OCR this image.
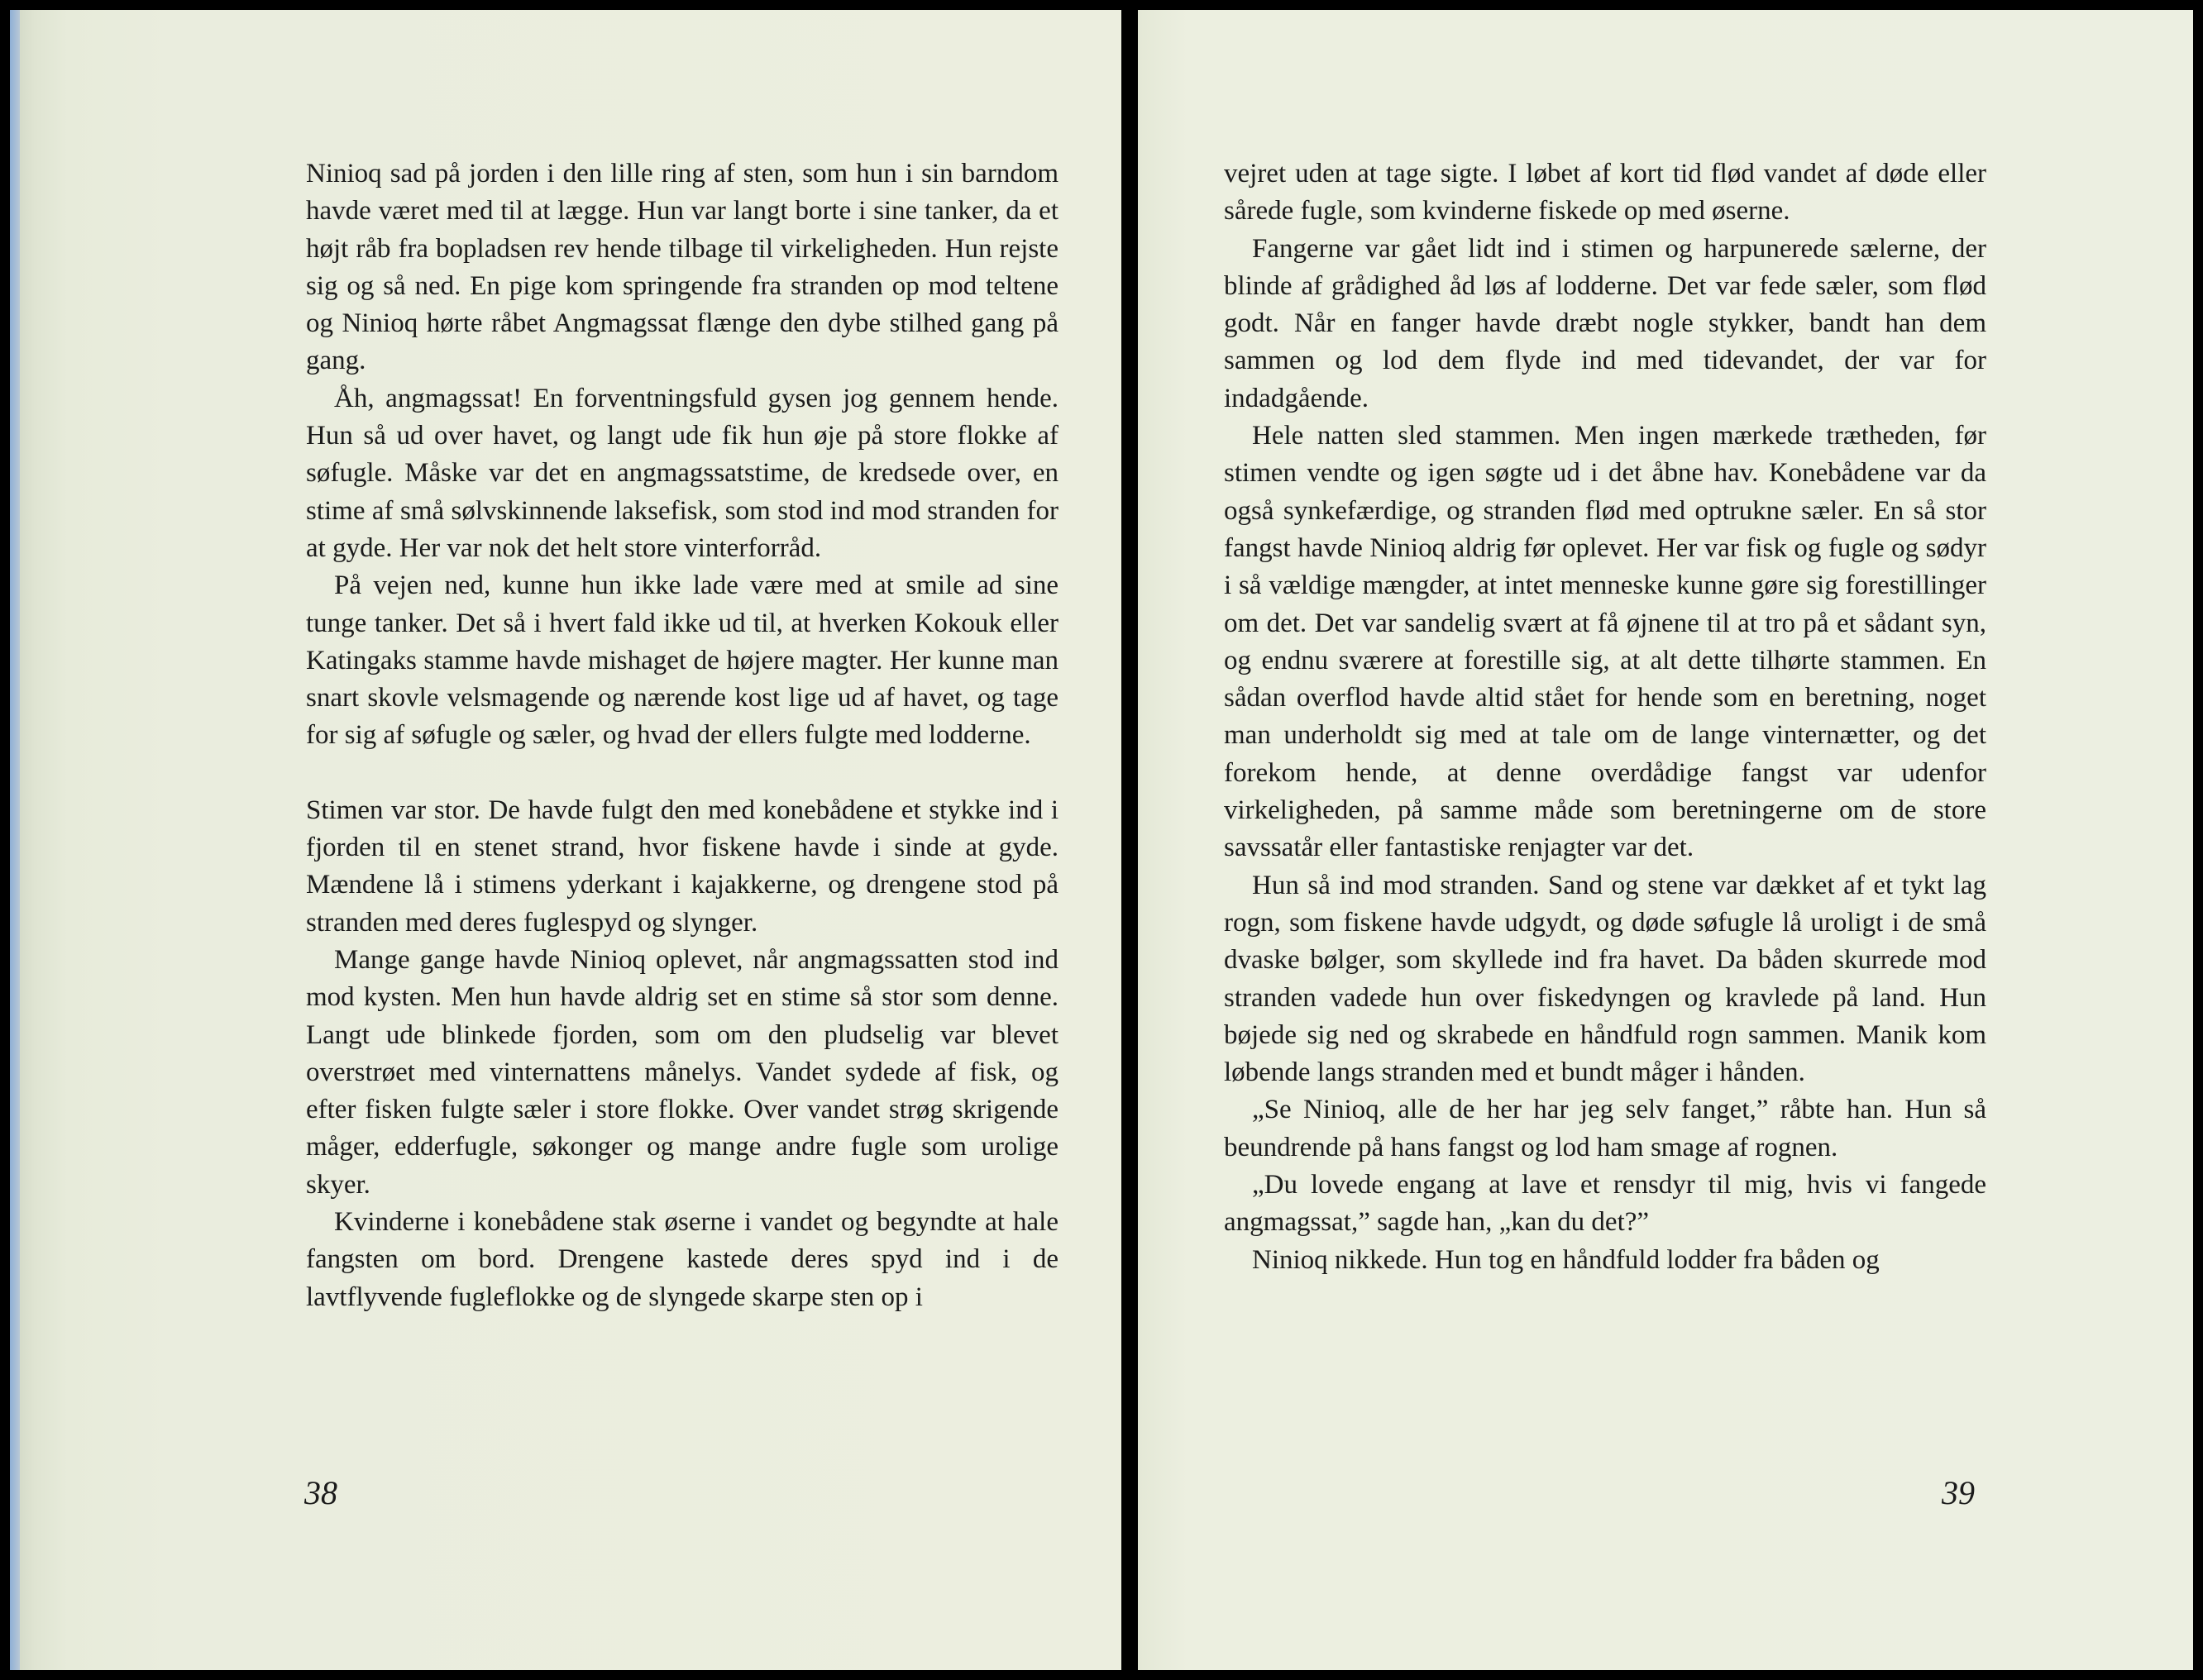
Ninioq sad på jorden i den lille ring af sten, som hun i sin barndom havde været med til at lægge. Hun var langt borte i sine tanker, da et højt råb fra bopladsen rev hende tilbage til virkeligheden. Hun rejste sig og så ned. En pige kom springende fra stranden op mod teltene og Ninioq hørte råbet Angmagssat flænge den dybe stilhed gang på gang.

Åh, angmagssat! En forventningsfuld gysen jog gennem hende. Hun så ud over havet, og langt ude fik hun øje på store flokke af søfugle. Måske var det en angmagssatstime, de kredsede over, en stime af små sølvskinnende laksefisk, som stod ind mod stranden for at gyde. Her var nok det helt store vinterforråd.

På vejen ned, kunne hun ikke lade være med at smile ad sine tunge tanker. Det så i hvert fald ikke ud til, at hverken Kokouk eller Katingaks stamme havde mishaget de højere magter. Her kunne man snart skovle velsmagende og nærende kost lige ud af havet, og tage for sig af søfugle og sæler, og hvad der ellers fulgte med lodderne.

Stimen var stor. De havde fulgt den med konebådene et stykke ind i fjorden til en stenet strand, hvor fiskene havde i sinde at gyde. Mændene lå i stimens yderkant i kajakkerne, og drengene stod på stranden med deres fuglespyd og slynger.

Mange gange havde Ninioq oplevet, når angmagssatten stod ind mod kysten. Men hun havde aldrig set en stime så stor som denne. Langt ude blinkede fjorden, som om den pludselig var blevet overstrøet med vinternattens månelys. Vandet sydede af fisk, og efter fisken fulgte sæler i store flokke. Over vandet strøg skrigende måger, edderfugle, søkonger og mange andre fugle som urolige skyer.

Kvinderne i konebådene stak øserne i vandet og begyndte at hale fangsten om bord. Drengene kastede deres spyd ind i de lavtflyvende fugleflokke og de slyngede skarpe sten op i

38

vejret uden at tage sigte. I løbet af kort tid flød vandet af døde eller sårede fugle, som kvinderne fiskede op med øserne.

Fangerne var gået lidt ind i stimen og harpunerede sælerne, der blinde af grådighed åd løs af lodderne. Det var fede sæler, som flød godt. Når en fanger havde dræbt nogle stykker, bandt han dem sammen og lod dem flyde ind med tidevandet, der var for indadgående.

Hele natten sled stammen. Men ingen mærkede trætheden, før stimen vendte og igen søgte ud i det åbne hav. Konebådene var da også synkefærdige, og stranden flød med optrukne sæler. En så stor fangst havde Ninioq aldrig før oplevet. Her var fisk og fugle og sødyr i så vældige mængder, at intet menneske kunne gøre sig forestillinger om det. Det var sandelig svært at få øjnene til at tro på et sådant syn, og endnu sværere at forestille sig, at alt dette tilhørte stammen. En sådan overflod havde altid stået for hende som en beretning, noget man underholdt sig med at tale om de lange vinternætter, og det forekom hende, at denne overdådige fangst var udenfor virkeligheden, på samme måde som beretningerne om de store savssatår eller fantastiske renjagter var det.

Hun så ind mod stranden. Sand og stene var dækket af et tykt lag rogn, som fiskene havde udgydt, og døde søfugle lå uroligt i de små dvaske bølger, som skyllede ind fra havet. Da båden skurrede mod stranden vadede hun over fiskedyngen og kravlede på land. Hun bøjede sig ned og skrabede en håndfuld rogn sammen. Manik kom løbende langs stranden med et bundt måger i hånden.

„Se Ninioq, alle de her har jeg selv fanget,” råbte han. Hun så beundrende på hans fangst og lod ham smage af rognen.

„Du lovede engang at lave et rensdyr til mig, hvis vi fangede angmagssat,” sagde han, „kan du det?”

Ninioq nikkede. Hun tog en håndfuld lodder fra båden og

39
